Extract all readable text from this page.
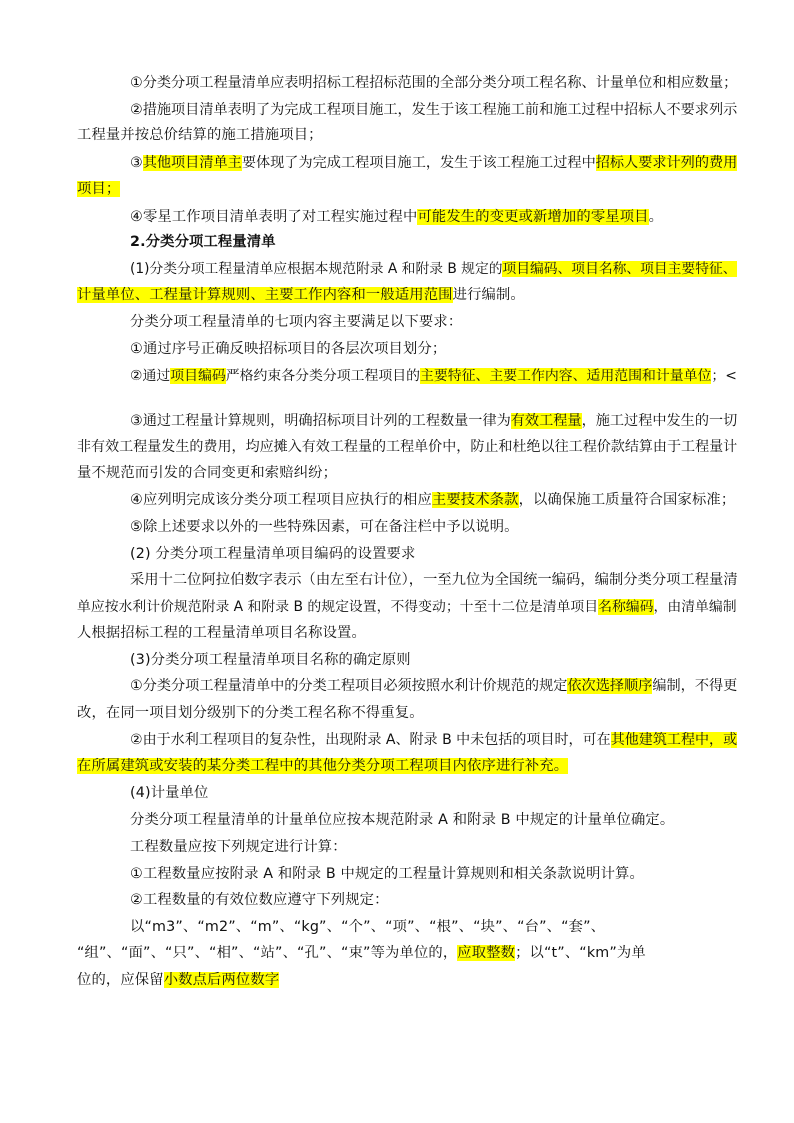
①分类分项工程量清单应表明招标工程招标范围的全部分类分项工程名称、计量单位和相应数量；
②措施项目清单表明了为完成工程项目施工，发生于该工程施工前和施工过程中招标人不要求列示
工程量并按总价结算的施工措施项目；
③其他项目清单主要体现了为完成工程项目施工，发生于该工程施工过程中招标人要求计列的费用
项目；
④零星工作项目清单表明了对工程实施过程中可能发生的变更或新增加的零星项目。
2.分类分项工程量清单
(1)分类分项工程量清单应根据本规范附录 A 和附录 B 规定的项目编码、项目名称、项目主要特征、
计量单位、工程量计算规则、主要工作内容和一般适用范围进行编制。
分类分项工程量清单的七项内容主要满足以下要求：
①通过序号正确反映招标项目的各层次项目划分；
②通过项目编码严格约束各分类分项工程项目的主要特征、主要工作内容、适用范围和计量单位；<
③通过工程量计算规则，明确招标项目计列的工程数量一律为有效工程量，施工过程中发生的一切
非有效工程量发生的费用，均应摊入有效工程量的工程单价中，防止和杜绝以往工程价款结算由于工程量计
量不规范而引发的合同变更和索赔纠纷；
④应列明完成该分类分项工程项目应执行的相应主要技术条款，以确保施工质量符合国家标准；
⑤除上述要求以外的一些特殊因素，可在备注栏中予以说明。
(2) 分类分项工程量清单项目编码的设置要求
采用十二位阿拉伯数字表示（由左至右计位），一至九位为全国统一编码，编制分类分项工程量清
单应按水利计价规范附录 A 和附录 B 的规定设置，不得变动；十至十二位是清单项目名称编码，由清单编制
人根据招标工程的工程量清单项目名称设置。
(3)分类分项工程量清单项目名称的确定原则
①分类分项工程量清单中的分类工程项目必须按照水利计价规范的规定依次选择顺序编制，不得更
改，在同一项目划分级别下的分类工程名称不得重复。
②由于水利工程项目的复杂性，出现附录 A、附录 B 中未包括的项目时，可在其他建筑工程中，或
在所属建筑或安装的某分类工程中的其他分类分项工程项目内依序进行补充。
(4)计量单位
分类分项工程量清单的计量单位应按本规范附录 A 和附录 B 中规定的计量单位确定。
工程数量应按下列规定进行计算：
①工程数量应按附录 A 和附录 B 中规定的工程量计算规则和相关条款说明计算。
②工程数量的有效位数应遵守下列规定：
以“m3”、“m2”、“m”、“kg”、“个”、“项”、“根”、“块”、“台”、“套”、
“组”、“面”、“只”、“相”、“站”、“孔”、“束”等为单位的，应取整数；以“t”、“km”为单
位的，应保留小数点后两位数字
